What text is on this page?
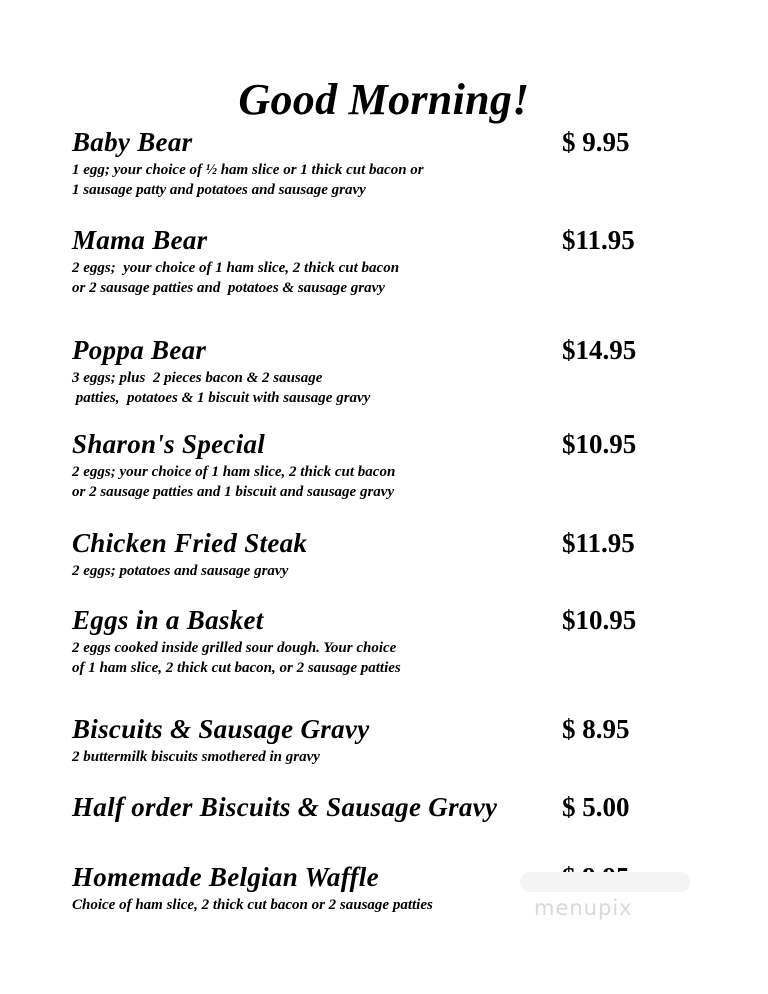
Good Morning!
Baby Bear	$ 9.95
1 egg; your choice of ½ ham slice or 1 thick cut bacon or
1 sausage patty and potatoes and sausage gravy
Mama Bear	$11.95
2 eggs;  your choice of 1 ham slice, 2 thick cut bacon
or 2 sausage patties and  potatoes & sausage gravy
Poppa Bear	$14.95
3 eggs; plus  2 pieces bacon & 2 sausage
patties,  potatoes & 1 biscuit with sausage gravy
Sharon's Special	$10.95
2 eggs; your choice of 1 ham slice, 2 thick cut bacon
or 2 sausage patties and 1 biscuit and sausage gravy
Chicken Fried Steak	$11.95
2 eggs; potatoes and sausage gravy
Eggs in a Basket	$10.95
2 eggs cooked inside grilled sour dough. Your choice
of 1 ham slice, 2 thick cut bacon, or 2 sausage patties
Biscuits & Sausage Gravy	$ 8.95
2 buttermilk biscuits smothered in gravy
Half order Biscuits & Sausage Gravy $ 5.00
Homemade Belgian Waffle
Choice of ham slice, 2 thick cut bacon or 2 sausage patties	menupix
